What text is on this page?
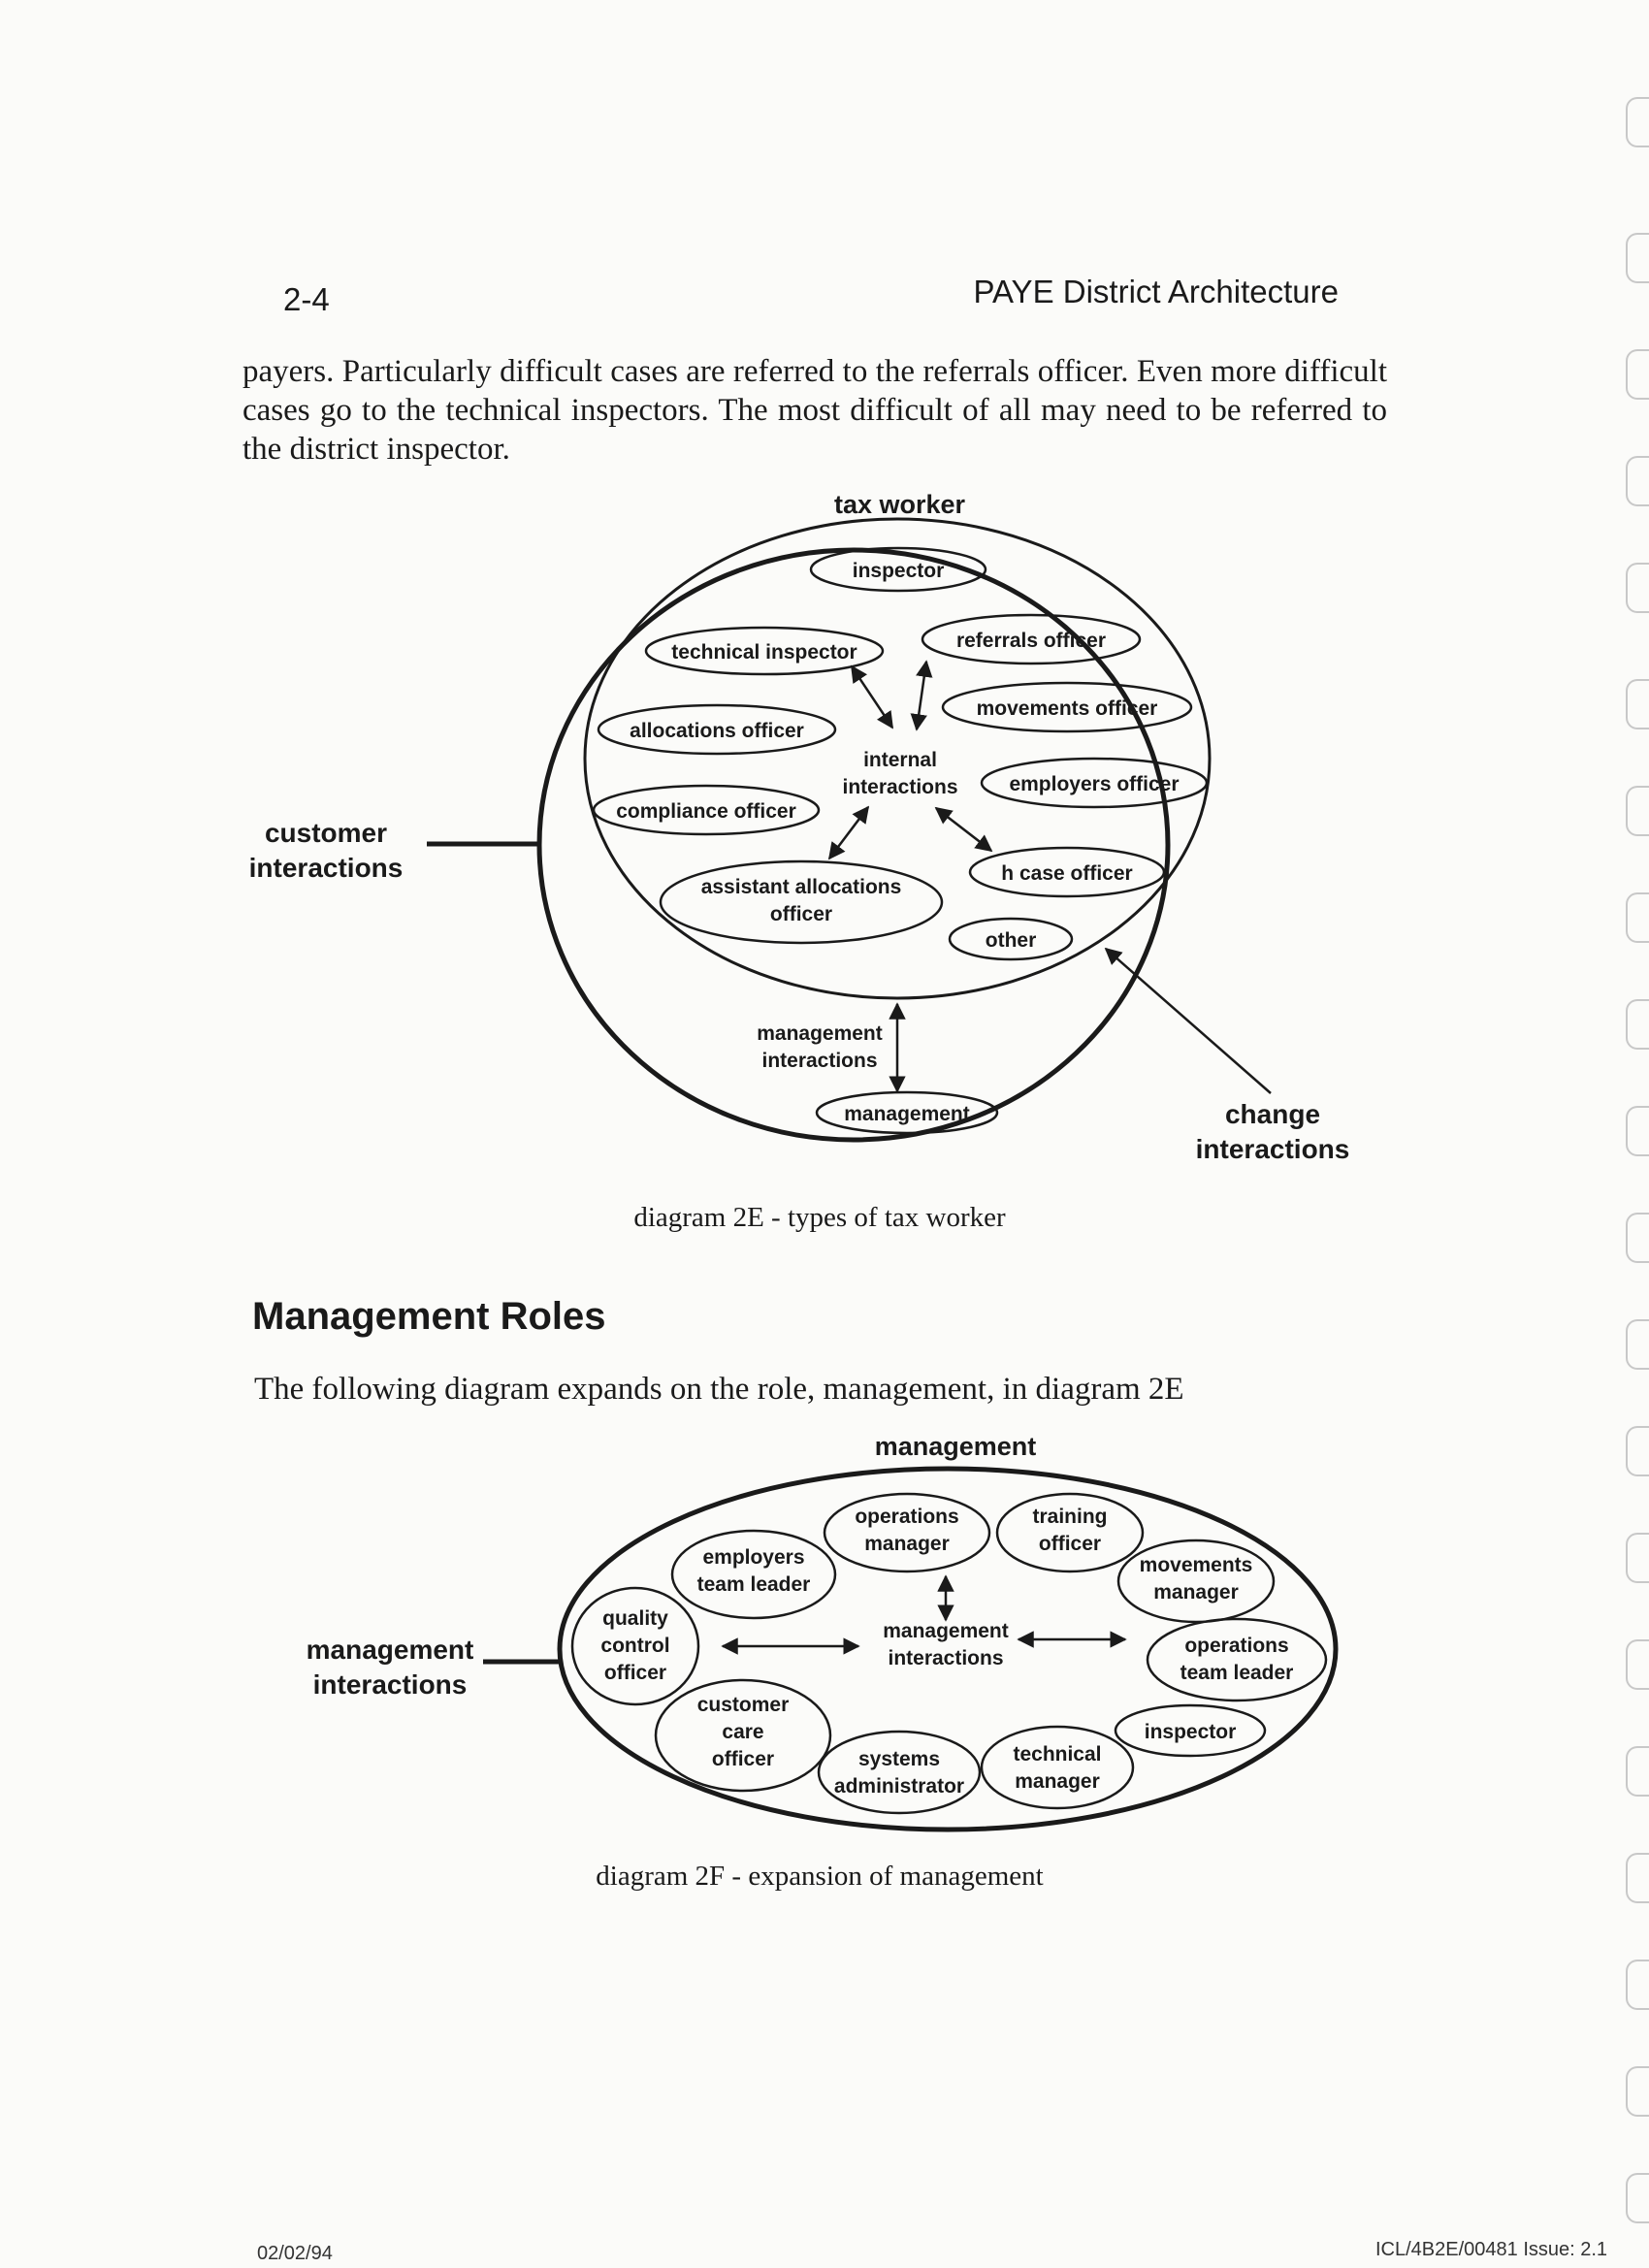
2-4	PAYE District Architecture
payers. Particularly difficult cases are referred to the referrals officer. Even more difficult cases go to the technical inspectors. The most difficult of all may need to be referred to the district inspector.
tax worker
inspector
technical inspector
referrals officer
allocations officer
movements officer
employers officer
compliance officer
assistant allocations
officer
h case officer
other
management
internal
interactions
management
interactions
customer
interactions
change
interactions
diagram 2E - types of tax worker
Management Roles
The following diagram expands on the role, management, in diagram 2E
management
operations
manager
training
officer
employers
team leader
movements
manager
quality
control
officer
management
interactions
operations
team leader
customer
care
officer
inspector
systems
administrator
technical
manager
management
interactions
diagram 2F - expansion of management
02/02/94	ICL/4B2E/00481 Issue: 2.1
